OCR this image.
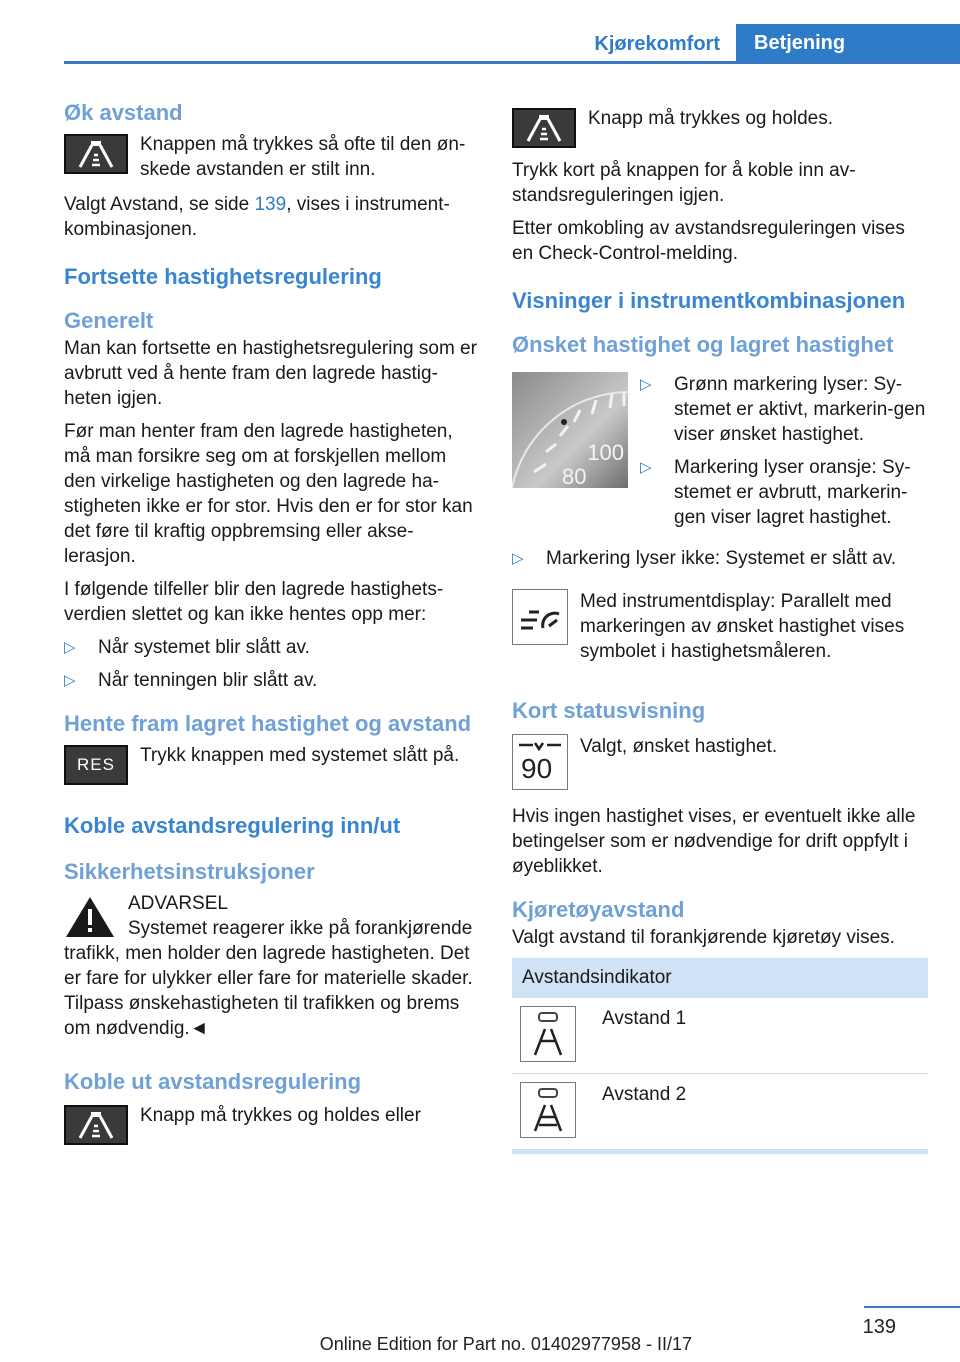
Kjørekomfort	Betjening
Øk avstand
Knappen må trykkes så ofte til den øn-skede avstanden er stilt inn.

Valgt Avstand, se side 139, vises i instrument-kombinasjonen.

Fortsette hastighetsregulering
Generelt

Man kan fortsette en hastighetsregulering som er avbrutt ved å hente fram den lagrede hastig-heten igjen.

Før man henter fram den lagrede hastigheten, må man forsikre seg om at forskjellen mellom den virkelige hastigheten og den lagrede ha-stigheten ikke er for stor. Hvis den er for stor kan det føre til kraftig oppbremsing eller akse-lerasjon.

I følgende tilfeller blir den lagrede hastighets-verdien slettet og kan ikke hentes opp mer:

▷ Når systemet blir slått av.
▷ Når tenningen blir slått av.
Hente fram lagret hastighet og avstand
RES Trykk knappen med systemet slått på.
Koble avstandsregulering inn/ut
Sikkerhetsinstruksjoner
ADVARSEL
Systemet reagerer ikke på forankjørende

trafikk, men holder den lagrede hastigheten. Det er fare for ulykker eller fare for materielle skader. Tilpass ønskehastigheten til trafikken og brems om nødvendig.◄

Koble ut avstandsregulering
Knapp må trykkes og holdes eller
Knapp må trykkes og holdes.

Trykk kort på knappen for å koble inn av-standsreguleringen igjen.

Etter omkobling av avstandsreguleringen vises en Check-Control-melding.

Visninger i instrumentkombinasjonen
Ønsket hastighet og lagret hastighet
100
80
▷ Grønn markering lyser: Sy-stemet er aktivt, markerin-gen viser ønsket hastighet.
▷ Markering lyser oransje: Sy-stemet er avbrutt, markerin-gen viser lagret hastighet.
▷ Markering lyser ikke: Systemet er slått av.
Med instrumentdisplay: Parallelt med markeringen av ønsket hastighet vises symbolet i hastighetsmåleren.
Kort statusvisning
90
Valgt, ønsket hastighet.

Hvis ingen hastighet vises, er eventuelt ikke alle betingelser som er nødvendige for drift oppfylt i øyeblikket.

Kjøretøyavstand

Valgt avstand til forankjørende kjøretøy vises.

Avstandsindikator
Avstand 1
Avstand 2
139
Online Edition for Part no. 01402977958 - II/17
